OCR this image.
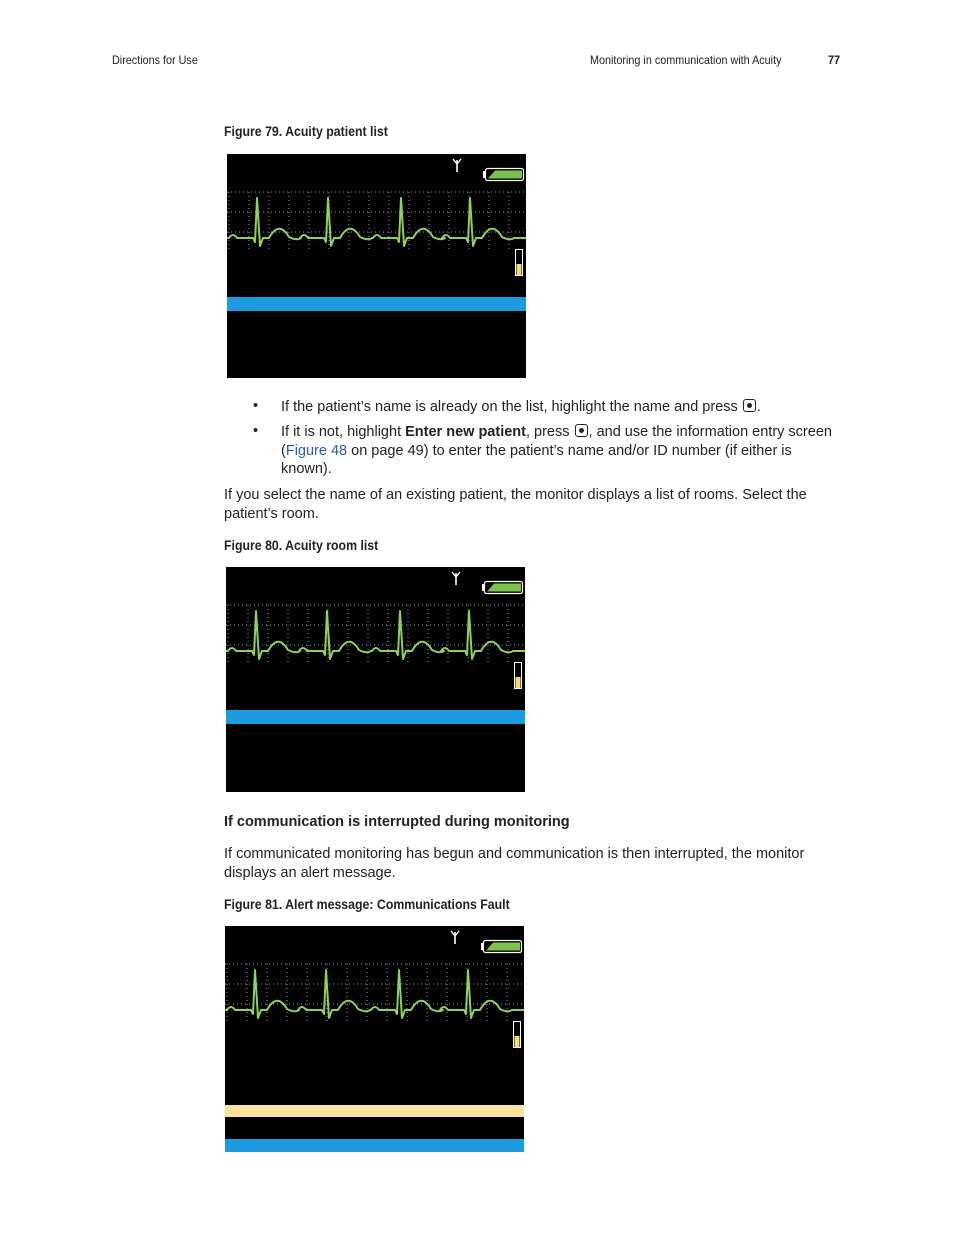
Directions for Use	Monitoring in communication with Acuity	77
Figure 79. Acuity patient list
• If the patient’s name is already on the list, highlight the name and press .
• If it is not, highlight Enter new patient, press , and use the information entry screen (Figure 48 on page 49) to enter the patient’s name and/or ID number (if either is known).
If you select the name of an existing patient, the monitor displays a list of rooms. Select the patient’s room.
Figure 80. Acuity room list
If communication is interrupted during monitoring
If communicated monitoring has begun and communication is then interrupted, the monitor displays an alert message.
Figure 81. Alert message: Communications Fault
